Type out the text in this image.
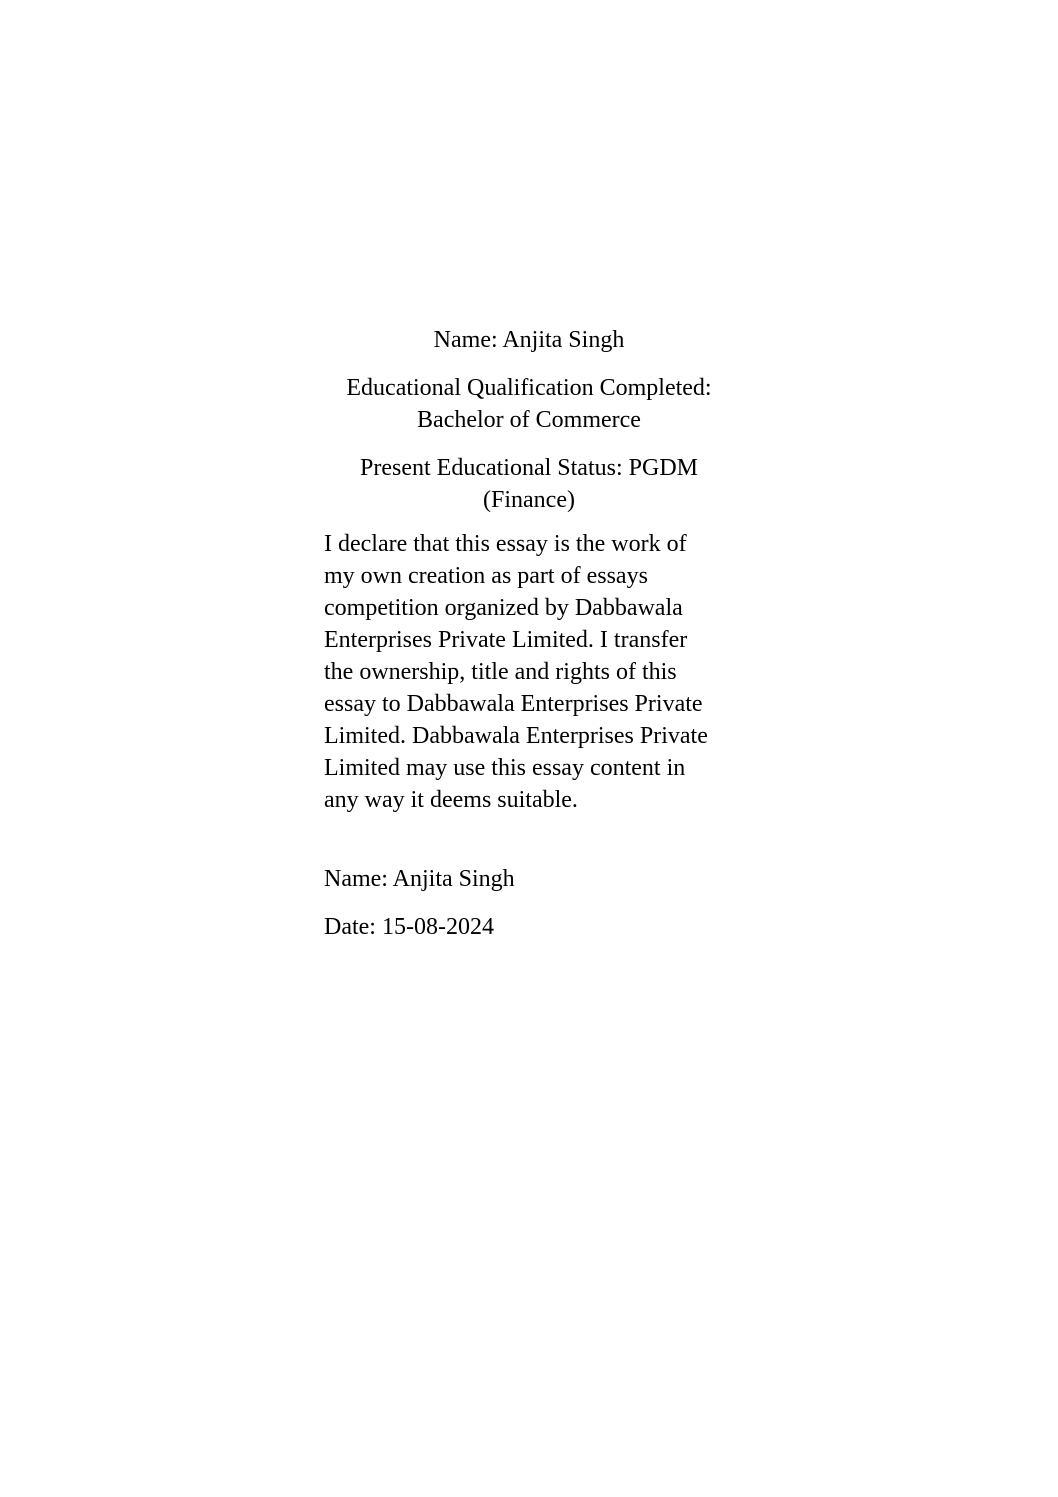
Name: Anjita Singh
Educational Qualification Completed:
Bachelor of Commerce
Present Educational Status: PGDM
(Finance)
I declare that this essay is the work of
my own creation as part of essays
competition organized by Dabbawala
Enterprises Private Limited. I transfer
the ownership, title and rights of this
essay to Dabbawala Enterprises Private
Limited. Dabbawala Enterprises Private
Limited may use this essay content in
any way it deems suitable.
Name: Anjita Singh
Date: 15-08-2024
